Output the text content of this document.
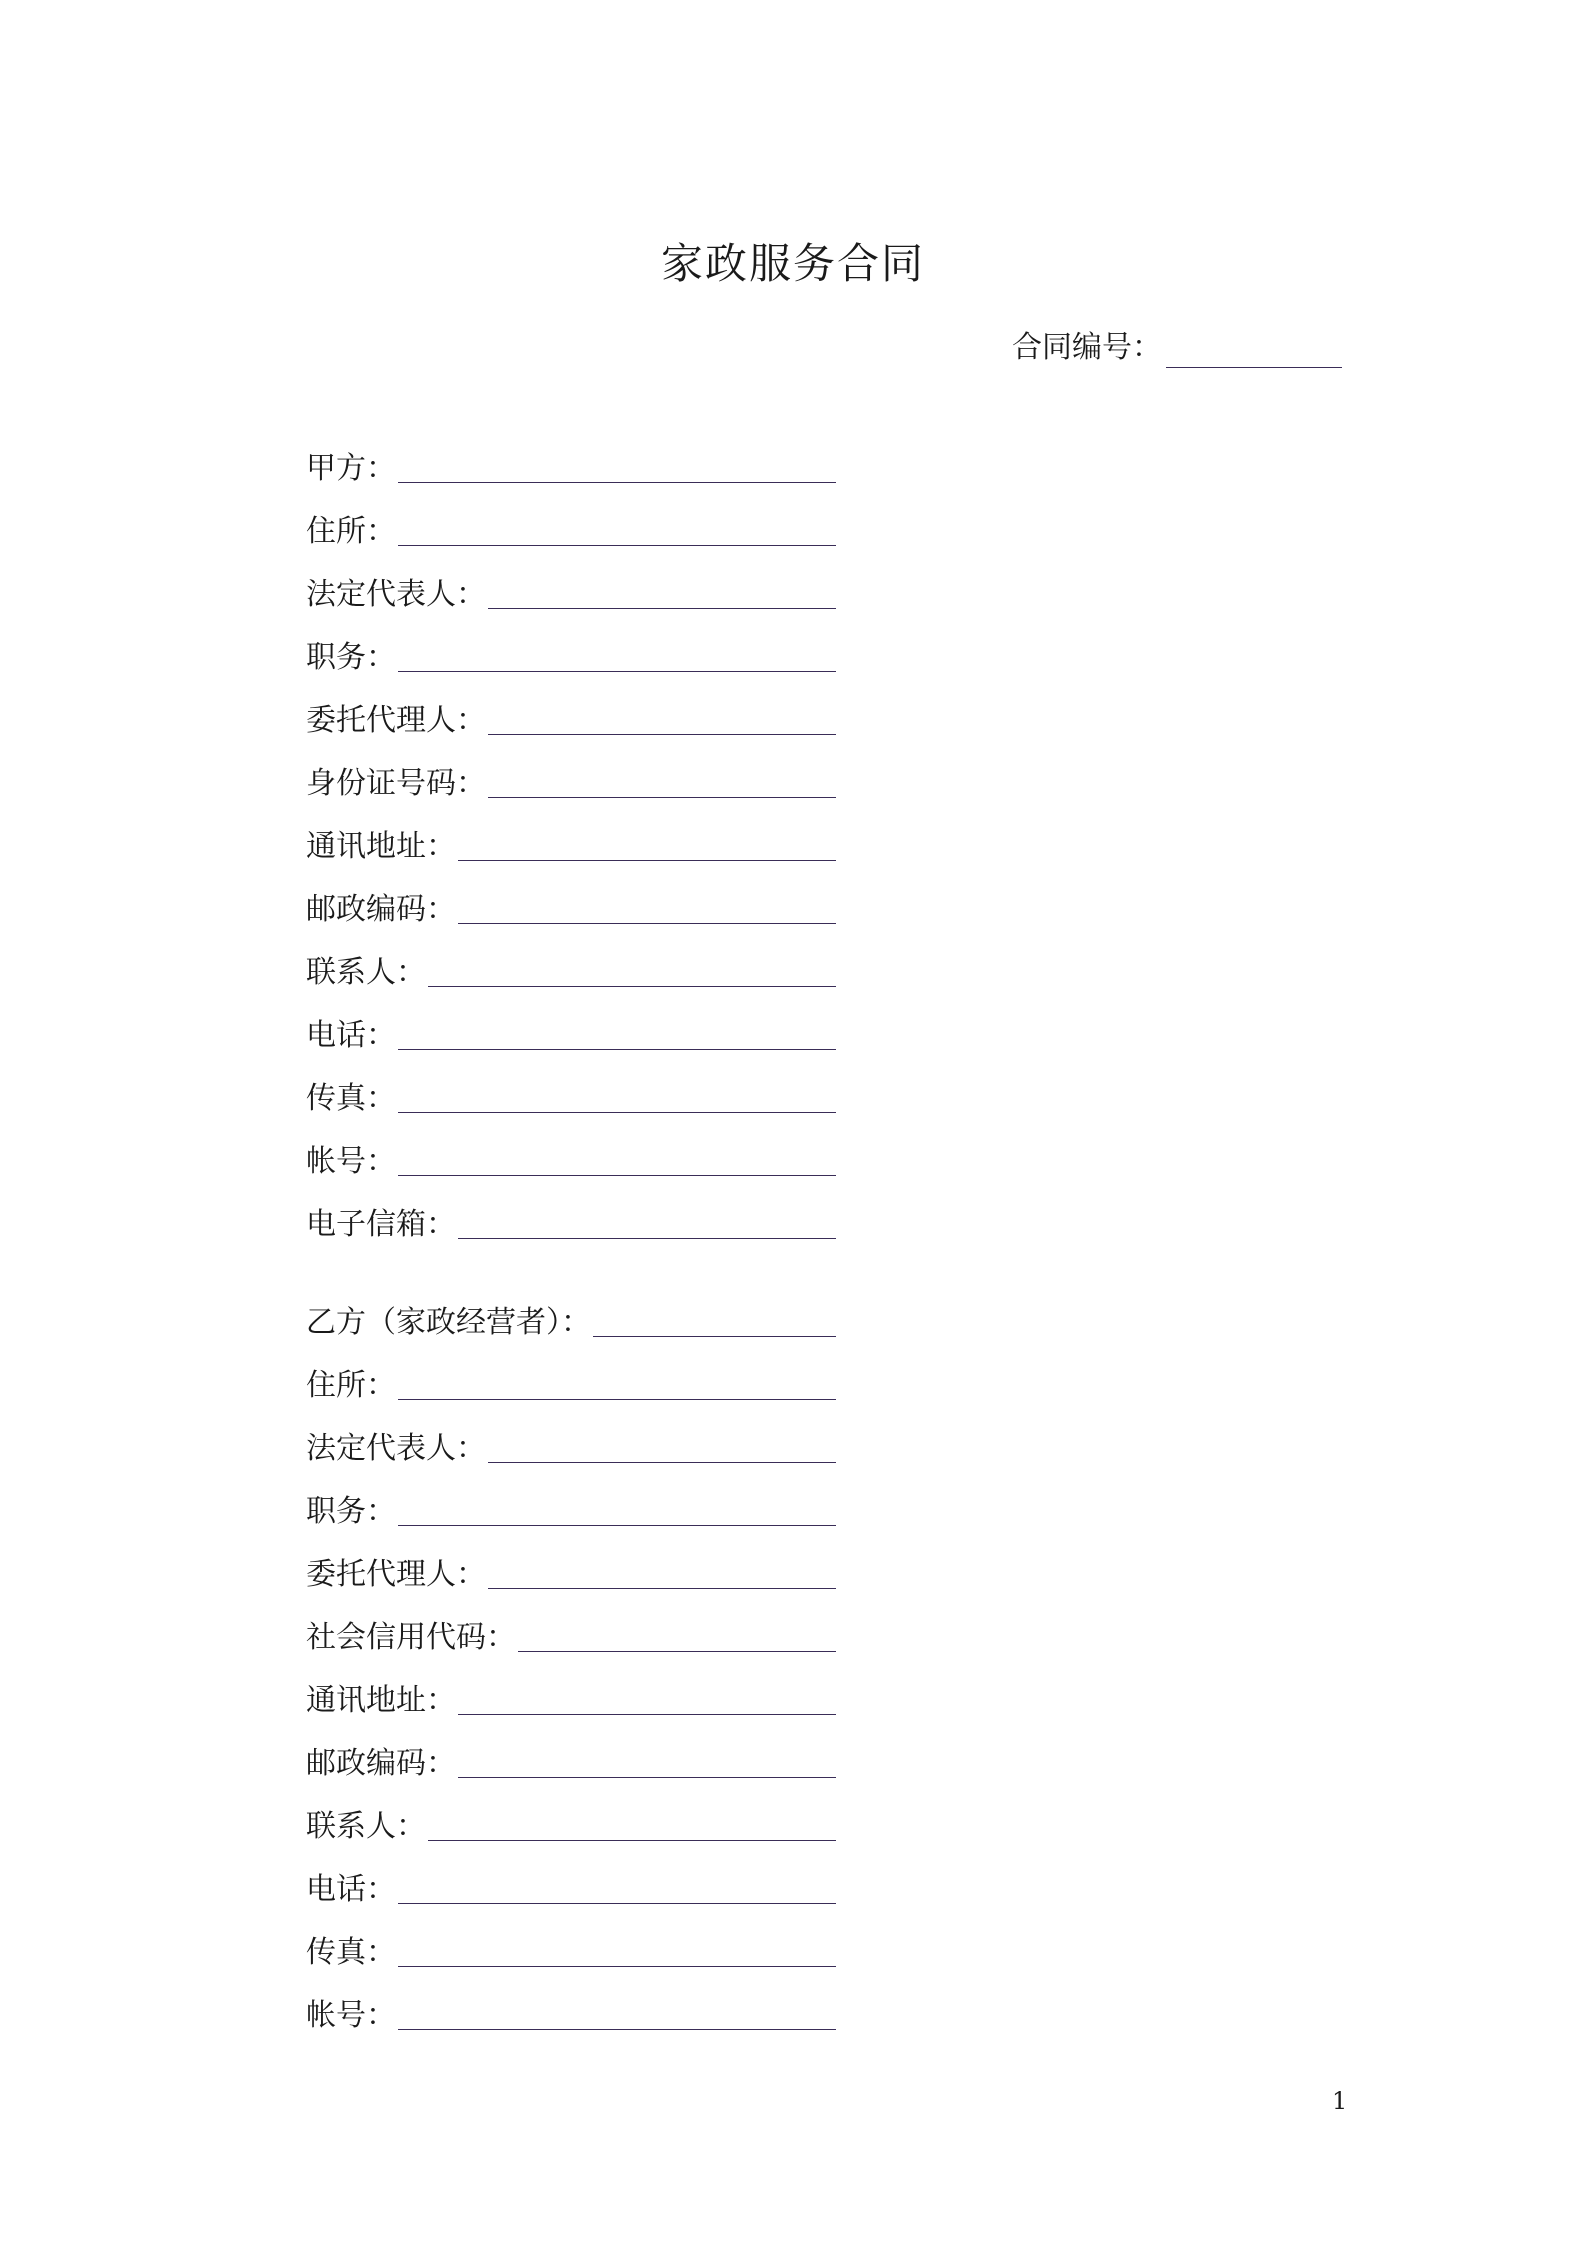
家政服务合同
合同编号：
甲方：
住所：
法定代表人：
职务：
委托代理人：
身份证号码：
通讯地址：
邮政编码：
联系人：
电话：
传真：
帐号：
电子信箱：
乙方（家政经营者）：
住所：
法定代表人：
职务：
委托代理人：
社会信用代码：
通讯地址：
邮政编码：
联系人：
电话：
传真：
帐号：
1
